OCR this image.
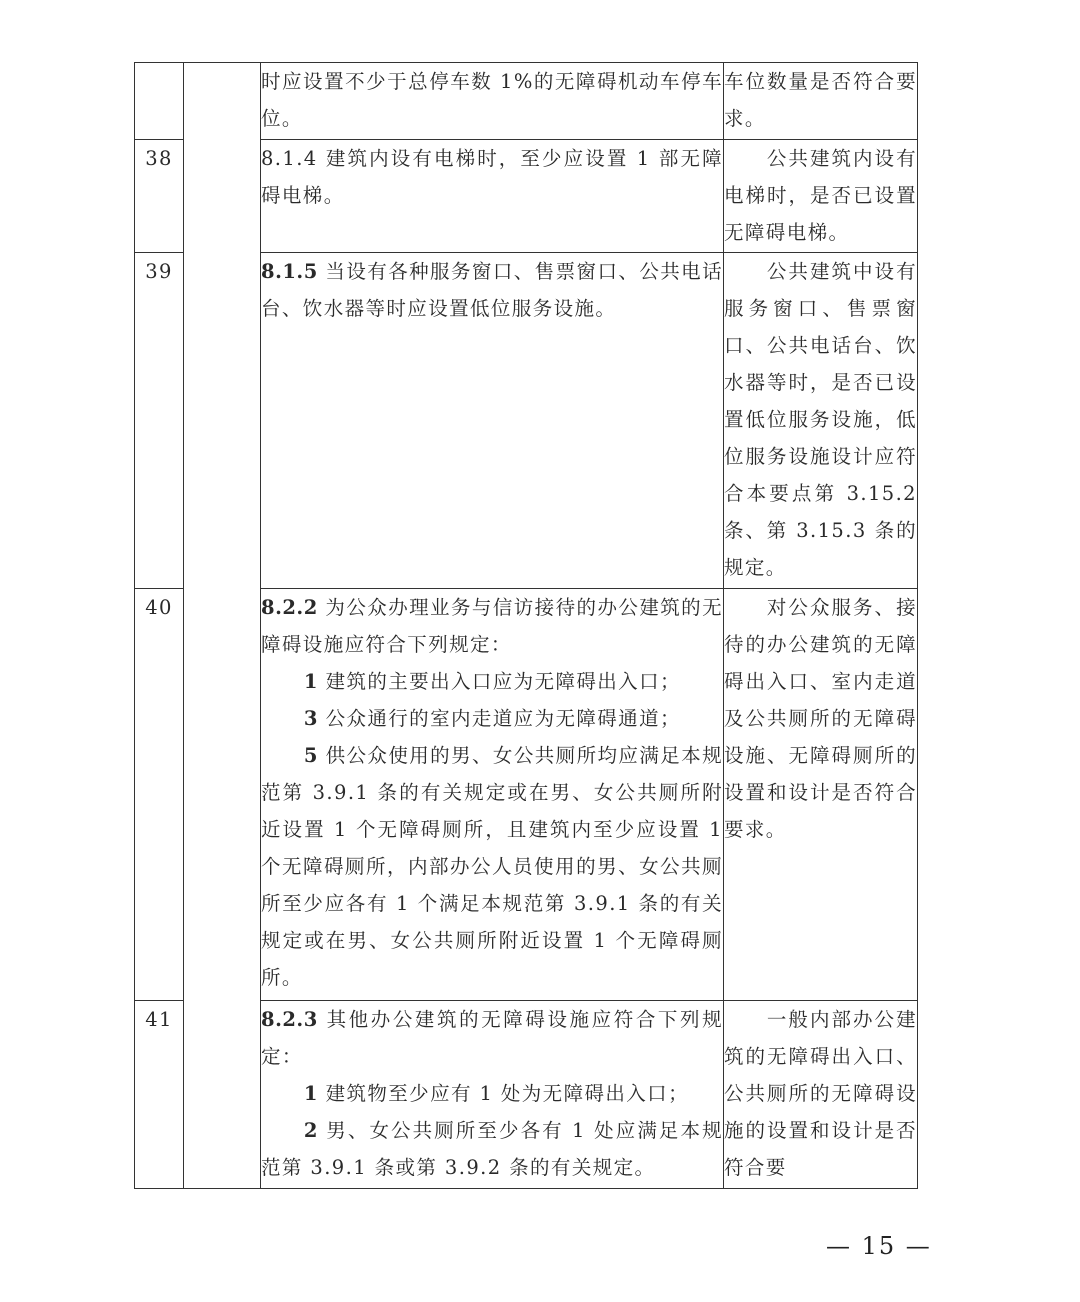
		时应设置不少于总停车数 1%的无障碍机动车停车位。	车位数量是否符合要求。

38		8.1.4 建筑内设有电梯时，至少应设置 1 部无障碍电梯。	公共建筑内设有电梯时，是否已设置无障碍电梯。

39		8.1.5 当设有各种服务窗口、售票窗口、公共电话台、饮水器等时应设置低位服务设施。	公共建筑中设有服务窗口、售票窗口、公共电话台、饮水器等时，是否已设置低位服务设施，低位服务设施设计应符合本要点第 3.15.2 条、第 3.15.3 条的规定。

40		8.2.2 为公众办理业务与信访接待的办公建筑的无障碍设施应符合下列规定：

1 建筑的主要出入口应为无障碍出入口；

3 公众通行的室内走道应为无障碍通道；

5 供公众使用的男、女公共厕所均应满足本规范第 3.9.1 条的有关规定或在男、女公共厕所附近设置 1 个无障碍厕所，且建筑内至少应设置 1 个无障碍厕所，内部办公人员使用的男、女公共厕所至少应各有 1 个满足本规范第 3.9.1 条的有关规定或在男、女公共厕所附近设置 1 个无障碍厕所。	对公众服务、接待的办公建筑的无障碍出入口、室内走道及公共厕所的无障碍设施、无障碍厕所的设置和设计是否符合要求。

41		8.2.3 其他办公建筑的无障碍设施应符合下列规定：

1 建筑物至少应有 1 处为无障碍出入口；

2 男、女公共厕所至少各有 1 处应满足本规范第 3.9.1 条或第 3.9.2 条的有关规定。	一般内部办公建筑的无障碍出入口、公共厕所的无障碍设施的设置和设计是否符合要

— 15 —
